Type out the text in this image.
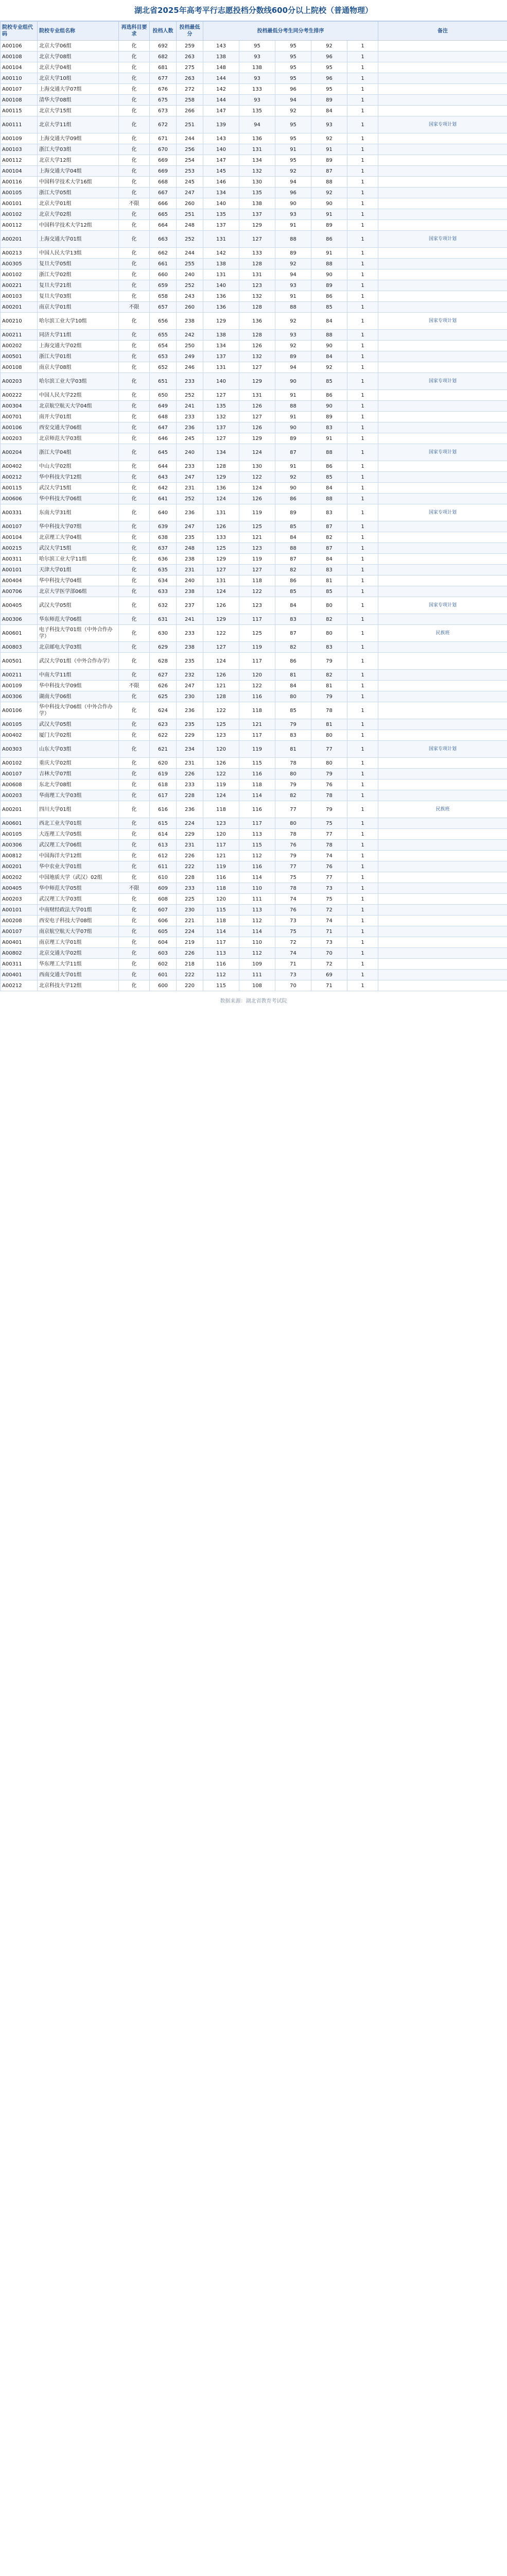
湖北省2025年高考平行志愿投档分数线600分以上院校（普通物理）
院校专业组代码	院校专业组名称	再选科目要求	投档人数	投档最低分	投档最低分考生同分考生排序					备注
A00106	北京大学06组	化	692	259	143	95	95	92	1	
A00108	北京大学08组	化	682	263	138	93	95	96	1	
A00104	北京大学04组	化	681	275	148	138	95	95	1	
A00110	北京大学10组	化	677	263	144	93	95	96	1	
A00107	上海交通大学07组	化	676	272	142	133	96	95	1	
A00108	清华大学08组	化	675	258	144	93	94	89	1	
A00115	北京大学15组	化	673	266	147	135	92	84	1	
A00111	北京大学11组	化	672	251	139	94	95	93	1	国家专项计划
A00109	上海交通大学09组	化	671	244	143	136	95	92	1	
A00103	浙江大学03组	化	670	256	140	131	91	91	1	
A00112	北京大学12组	化	669	254	147	134	95	89	1	
A00104	上海交通大学04组	化	669	253	145	132	92	87	1	
A00116	中国科学技术大学16组	化	668	245	146	130	94	88	1	
A00105	浙江大学05组	化	667	247	134	135	96	92	1	
A00101	北京大学01组	不限	666	260	140	138	90	90	1	
A00102	北京大学02组	化	665	251	135	137	93	91	1	
A00112	中国科学技术大学12组	化	664	248	137	129	91	89	1	
A00201	上海交通大学01组	化	663	252	131	127	88	86	1	国家专项计划
A00213	中国人民大学13组	化	662	244	142	133	89	91	1	
A00305	复旦大学05组	化	661	255	138	128	92	88	1	
A00102	浙江大学02组	化	660	240	131	131	94	90	1	
A00221	复旦大学21组	化	659	252	140	123	93	89	1	
A00103	复旦大学03组	化	658	243	136	132	91	86	1	
A00201	南京大学01组	不限	657	260	136	128	88	85	1	
A00210	哈尔滨工业大学10组	化	656	238	129	136	92	84	1	国家专项计划
A00211	同济大学11组	化	655	242	138	128	93	88	1	
A00202	上海交通大学02组	化	654	250	134	126	92	90	1	
A00501	浙江大学01组	化	653	249	137	132	89	84	1	
A00108	南京大学08组	化	652	246	131	127	94	92	1	
A00203	哈尔滨工业大学03组	化	651	233	140	129	90	85	1	国家专项计划
A00222	中国人民大学22组	化	650	252	127	131	91	86	1	
A00304	北京航空航天大学04组	化	649	241	135	126	88	90	1	
A00701	南开大学01组	化	648	233	132	127	91	89	1	
A00106	西安交通大学06组	化	647	236	137	126	90	83	1	
A00203	北京师范大学03组	化	646	245	127	129	89	91	1	
A00204	浙江大学04组	化	645	240	134	124	87	88	1	国家专项计划
A00402	中山大学02组	化	644	233	128	130	91	86	1	
A00212	华中科技大学12组	化	643	247	129	122	92	85	1	
A00115	武汉大学15组	化	642	231	136	124	90	84	1	
A00606	华中科技大学06组	化	641	252	124	126	86	88	1	
A00331	东南大学31组	化	640	236	131	119	89	83	1	国家专项计划
A00107	华中科技大学07组	化	639	247	126	125	85	87	1	
A00104	北京理工大学04组	化	638	235	133	121	84	82	1	
A00215	武汉大学15组	化	637	248	125	123	88	87	1	
A00311	哈尔滨工业大学11组	化	636	238	129	119	87	84	1	
A00101	天津大学01组	化	635	231	127	127	82	83	1	
A00404	华中科技大学04组	化	634	240	131	118	86	81	1	
A00706	北京大学医学部06组	化	633	238	124	122	85	85	1	
A00405	武汉大学05组	化	632	237	126	123	84	80	1	国家专项计划
A00306	华东师范大学06组	化	631	241	129	117	83	82	1	
A00601	电子科技大学01组（中外合作办学）	化	630	233	122	125	87	80	1	民族班
A00803	北京邮电大学03组	化	629	238	127	119	82	83	1	
A00501	武汉大学01组（中外合作办学）	化	628	235	124	117	86	79	1	
A00211	中南大学11组	化	627	232	126	120	81	82	1	
A00109	华中科技大学09组	不限	626	247	121	122	84	81	1	
A00306	湖南大学06组	化	625	230	128	116	80	79	1	
A00106	华中科技大学06组（中外合作办学）	化	624	236	122	118	85	78	1	
A00105	武汉大学05组	化	623	235	125	121	79	81	1	
A00402	厦门大学02组	化	622	229	123	117	83	80	1	
A00303	山东大学03组	化	621	234	120	119	81	77	1	国家专项计划
A00102	重庆大学02组	化	620	231	126	115	78	80	1	
A00107	吉林大学07组	化	619	226	122	116	80	79	1	
A00608	东北大学08组	化	618	233	119	118	79	76	1	
A00203	华南理工大学03组	化	617	228	124	114	82	78	1	
A00201	四川大学01组	化	616	236	118	116	77	79	1	民族班
A00601	西北工业大学01组	化	615	224	123	117	80	75	1	
A00105	大连理工大学05组	化	614	229	120	113	78	77	1	
A00306	武汉理工大学06组	化	613	231	117	115	76	78	1	
A00812	中国海洋大学12组	化	612	226	121	112	79	74	1	
A00201	华中农业大学01组	化	611	222	119	116	77	76	1	
A00202	中国地质大学（武汉）02组	化	610	228	116	114	75	77	1	
A00405	华中师范大学05组	不限	609	233	118	110	78	73	1	
A00203	武汉理工大学03组	化	608	225	120	111	74	75	1	
A00101	中南财经政法大学01组	化	607	230	115	113	76	72	1	
A00208	西安电子科技大学08组	化	606	221	118	112	73	74	1	
A00107	南京航空航天大学07组	化	605	224	114	114	75	71	1	
A00401	南京理工大学01组	化	604	219	117	110	72	73	1	
A00802	北京交通大学02组	化	603	226	113	112	74	70	1	
A00311	华东理工大学11组	化	602	218	116	109	71	72	1	
A00401	西南交通大学01组	化	601	222	112	111	73	69	1	
A00212	北京科技大学12组	化	600	220	115	108	70	71	1	
数据来源：湖北省教育考试院
